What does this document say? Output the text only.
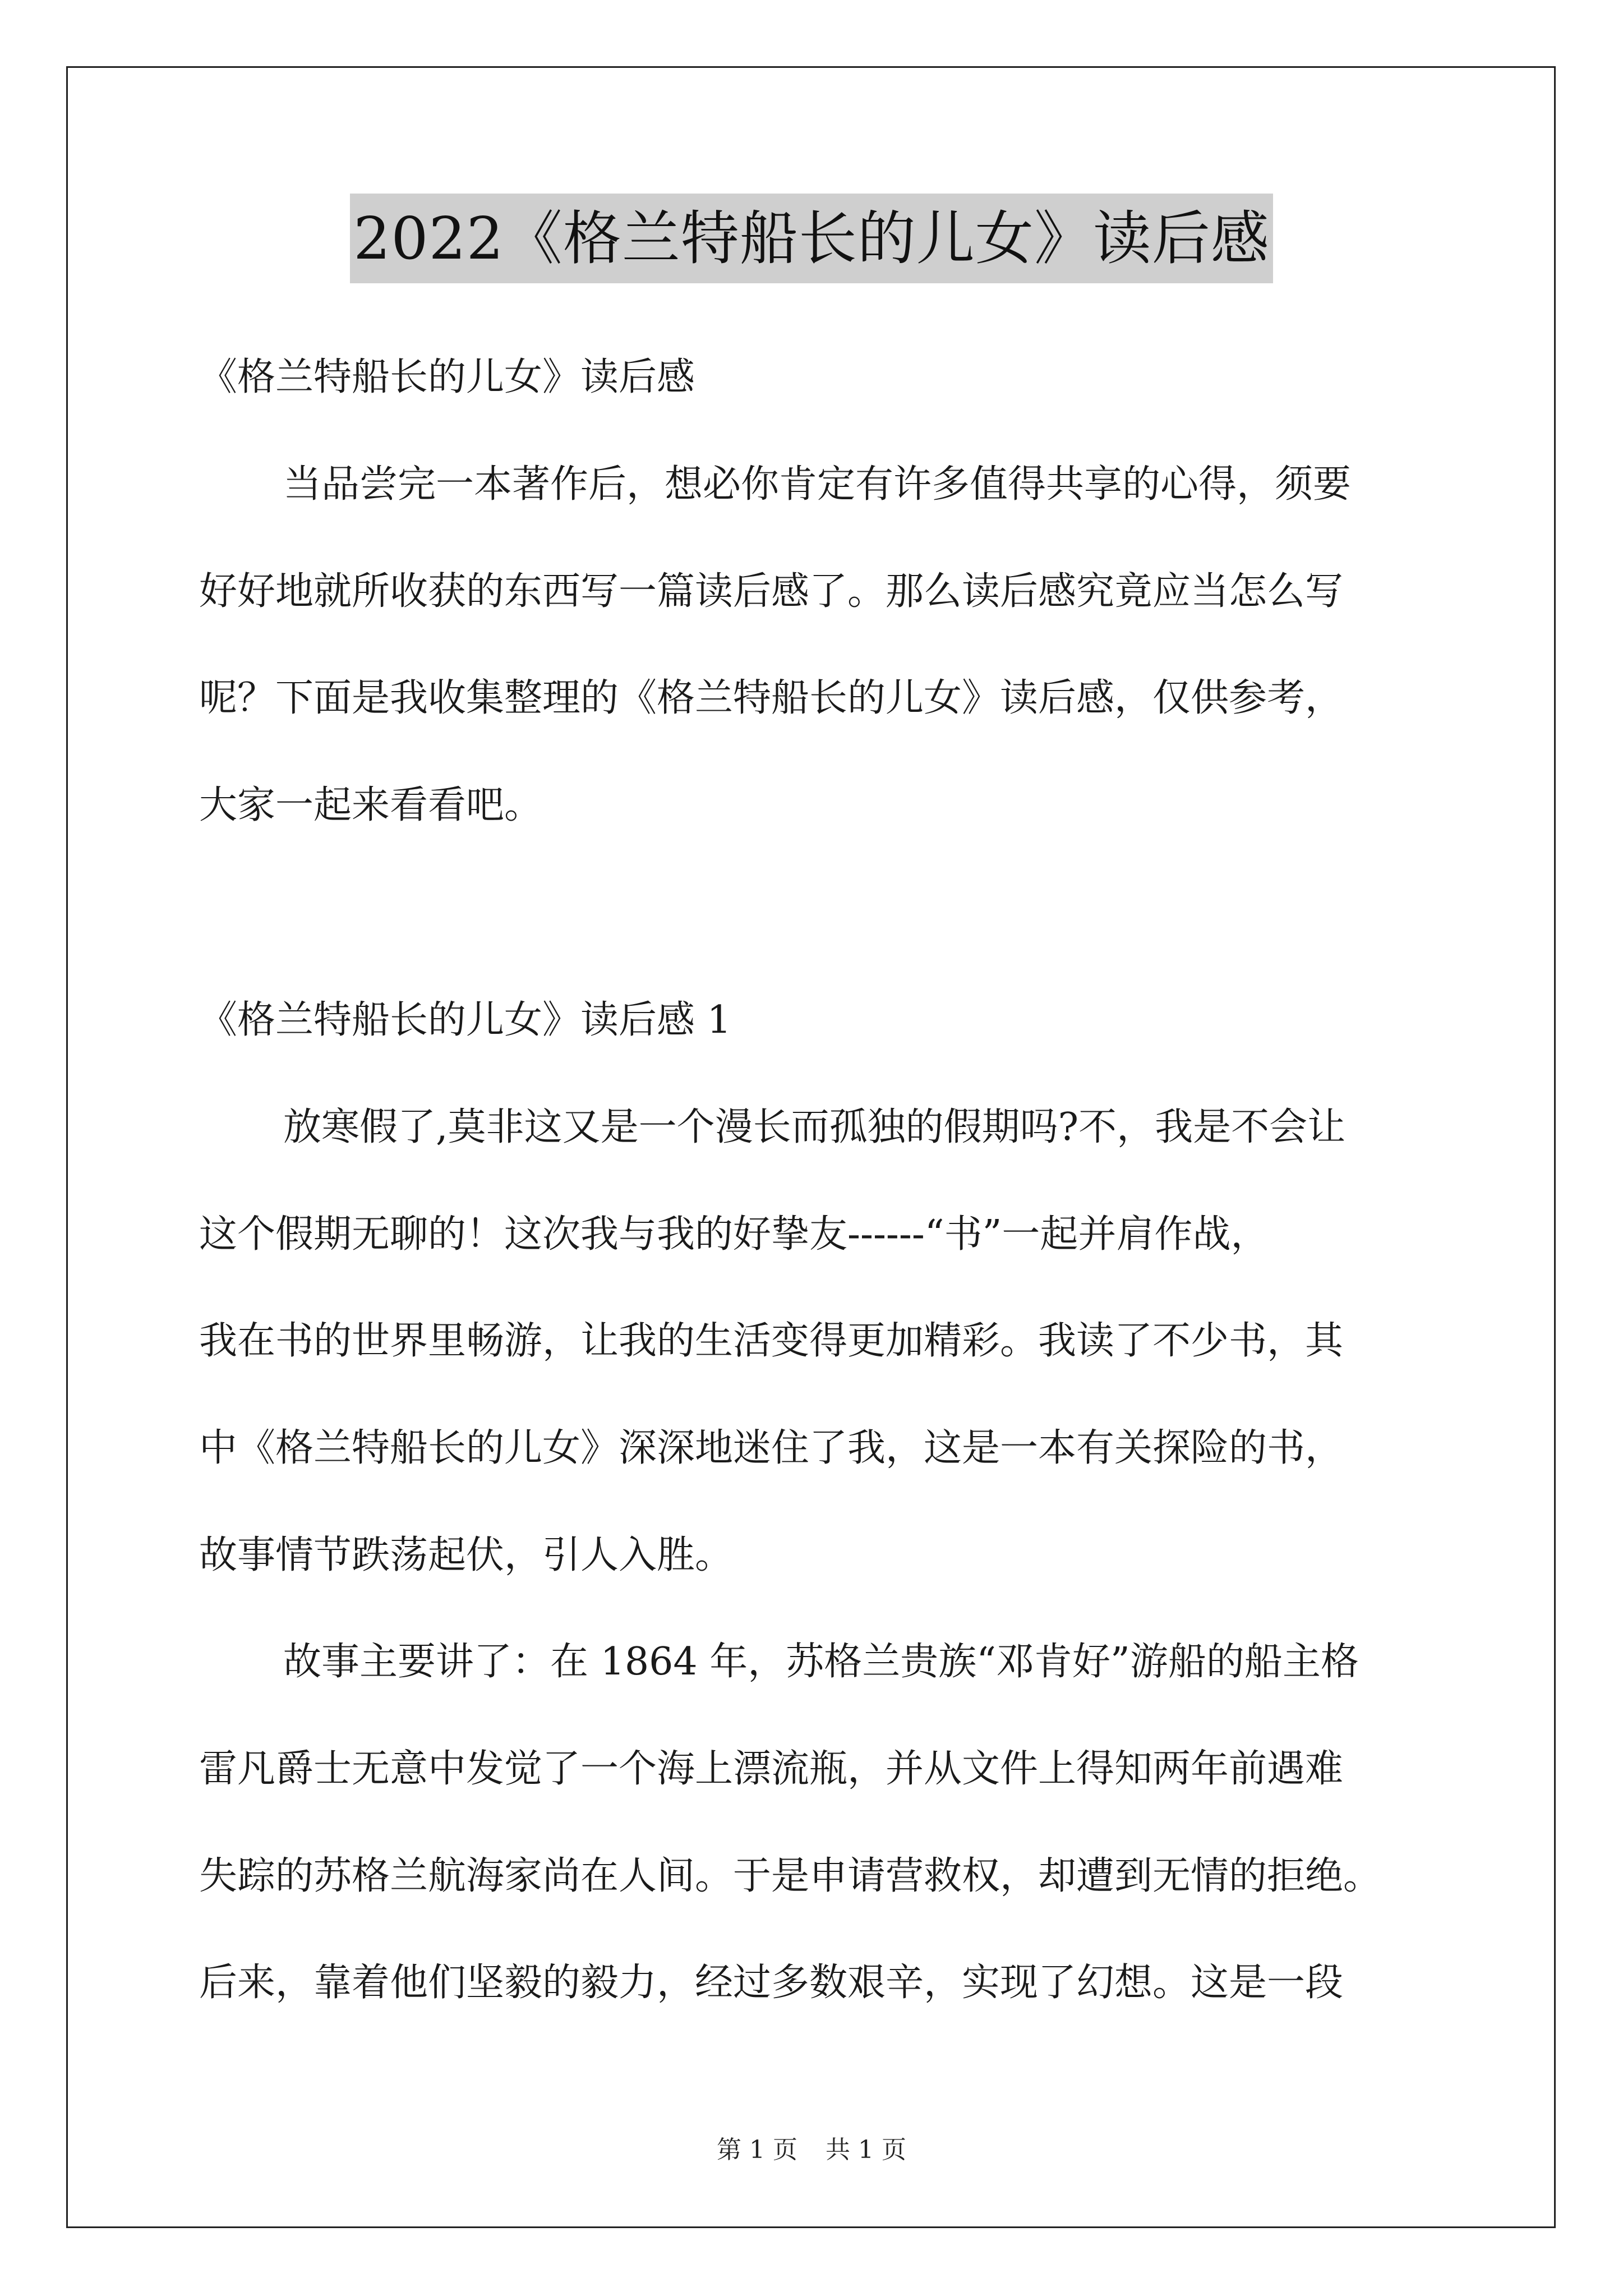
2022《格兰特船长的儿女》读后感
《格兰特船长的儿女》读后感
当品尝完一本著作后，想必你肯定有许多值得共享的心得，须要
好好地就所收获的东西写一篇读后感了。那么读后感究竟应当怎么写
呢？下面是我收集整理的《格兰特船长的儿女》读后感，仅供参考，
大家一起来看看吧。
《格兰特船长的儿女》读后感 1
放寒假了,莫非这又是一个漫长而孤独的假期吗?不，我是不会让
这个假期无聊的！这次我与我的好挚友------“书”一起并肩作战，
我在书的世界里畅游，让我的生活变得更加精彩。我读了不少书，其
中《格兰特船长的儿女》深深地迷住了我，这是一本有关探险的书，
故事情节跌荡起伏，引人入胜。
故事主要讲了：在 1864 年，苏格兰贵族“邓肯好”游船的船主格
雷凡爵士无意中发觉了一个海上漂流瓶，并从文件上得知两年前遇难
失踪的苏格兰航海家尚在人间。于是申请营救权，却遭到无情的拒绝。
后来，靠着他们坚毅的毅力，经过多数艰辛，实现了幻想。这是一段
第 1 页 共 1 页
